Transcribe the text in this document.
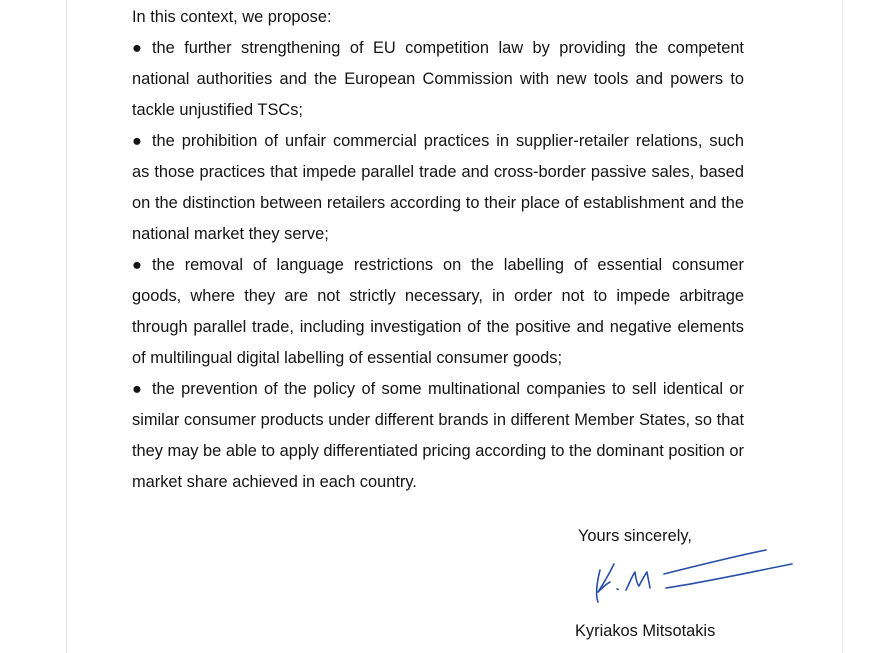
In this context, we propose:

● the further strengthening of EU competition law by providing the competent national authorities and the European Commission with new tools and powers to tackle unjustified TSCs;

● the prohibition of unfair commercial practices in supplier-retailer relations, such as those practices that impede parallel trade and cross-border passive sales, based on the distinction between retailers according to their place of establishment and the national market they serve;

● the removal of language restrictions on the labelling of essential consumer goods, where they are not strictly necessary, in order not to impede arbitrage through parallel trade, including investigation of the positive and negative elements of multilingual digital labelling of essential consumer goods;

● the prevention of the policy of some multinational companies to sell identical or similar consumer products under different brands in different Member States, so that they may be able to apply differentiated pricing according to the dominant position or market share achieved in each country.

Yours sincerely,
Kyriakos Mitsotakis
